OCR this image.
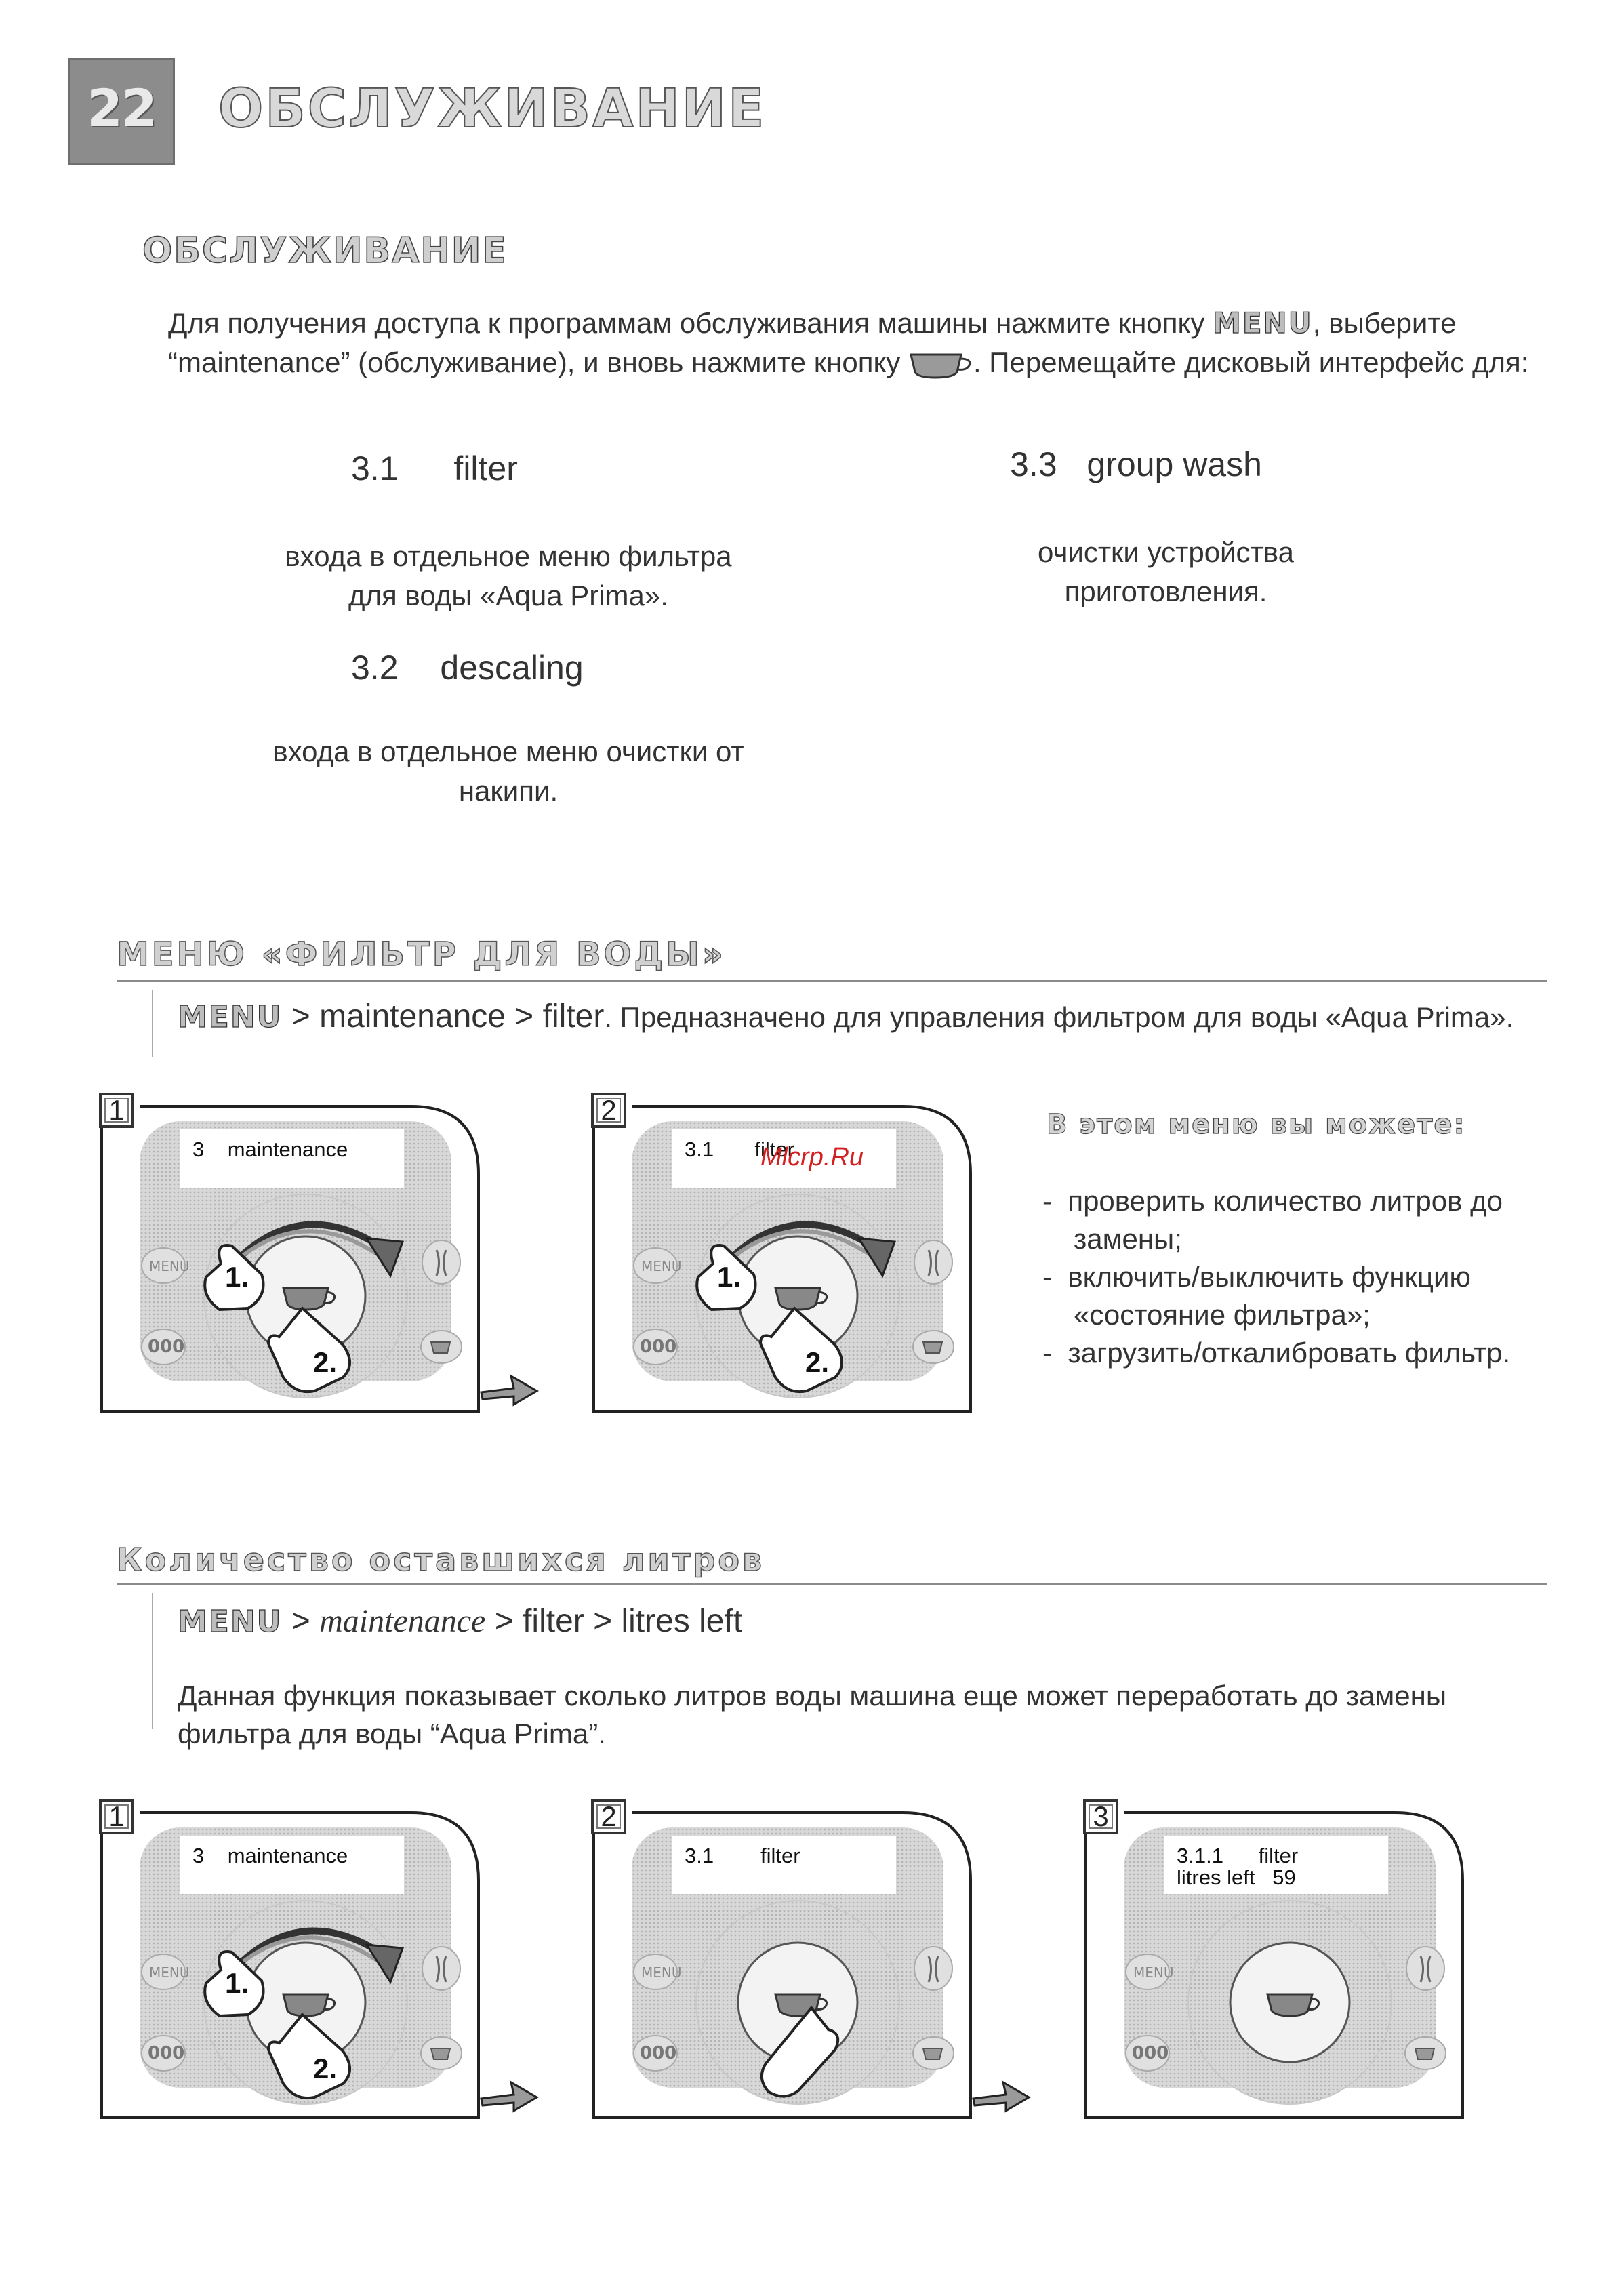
22	ОБСЛУЖИВАНИЕ
ОБСЛУЖИВАНИЕ
Для получения доступа к программам обслуживания машины нажмите кнопку MENU, выберите
“maintenance” (обслуживание), и вновь нажмите кнопку . Перемещайте дисковый интерфейс для:
3.1 filter
входа в отдельное меню фильтра
для воды «Aqua Prima».
3.2 descaling
входа в отдельное меню очистки от
накипи.
3.3 group wash
очистки устройства
приготовления.
МЕНЮ «ФИЛЬТР ДЛЯ ВОДЫ»
MENU > maintenance > filter. Предназначено для управления фильтром для воды «Aqua Prima».
1
3    maintenance
MENU
000
1.
2.
2
3.1       filter
MENU
000
1.
2.
В этом меню вы можете:
-  проверить количество литров до
замены;
-  включить/выключить функцию
«состояние фильтра»;
-  загрузить/откалибровать фильтр.
Количество оставшихся литров
MENU > maintenance > filter > litres left
Данная функция показывает сколько литров воды машина еще может переработать до замены
фильтра для воды “Aqua Prima”.
1
3    maintenance
MENU
000
1.
2.
2
3.1        filter
MENU
000
3
3.1.1      filter
litres left   59
MENU
000
Mlcrp.Ru
